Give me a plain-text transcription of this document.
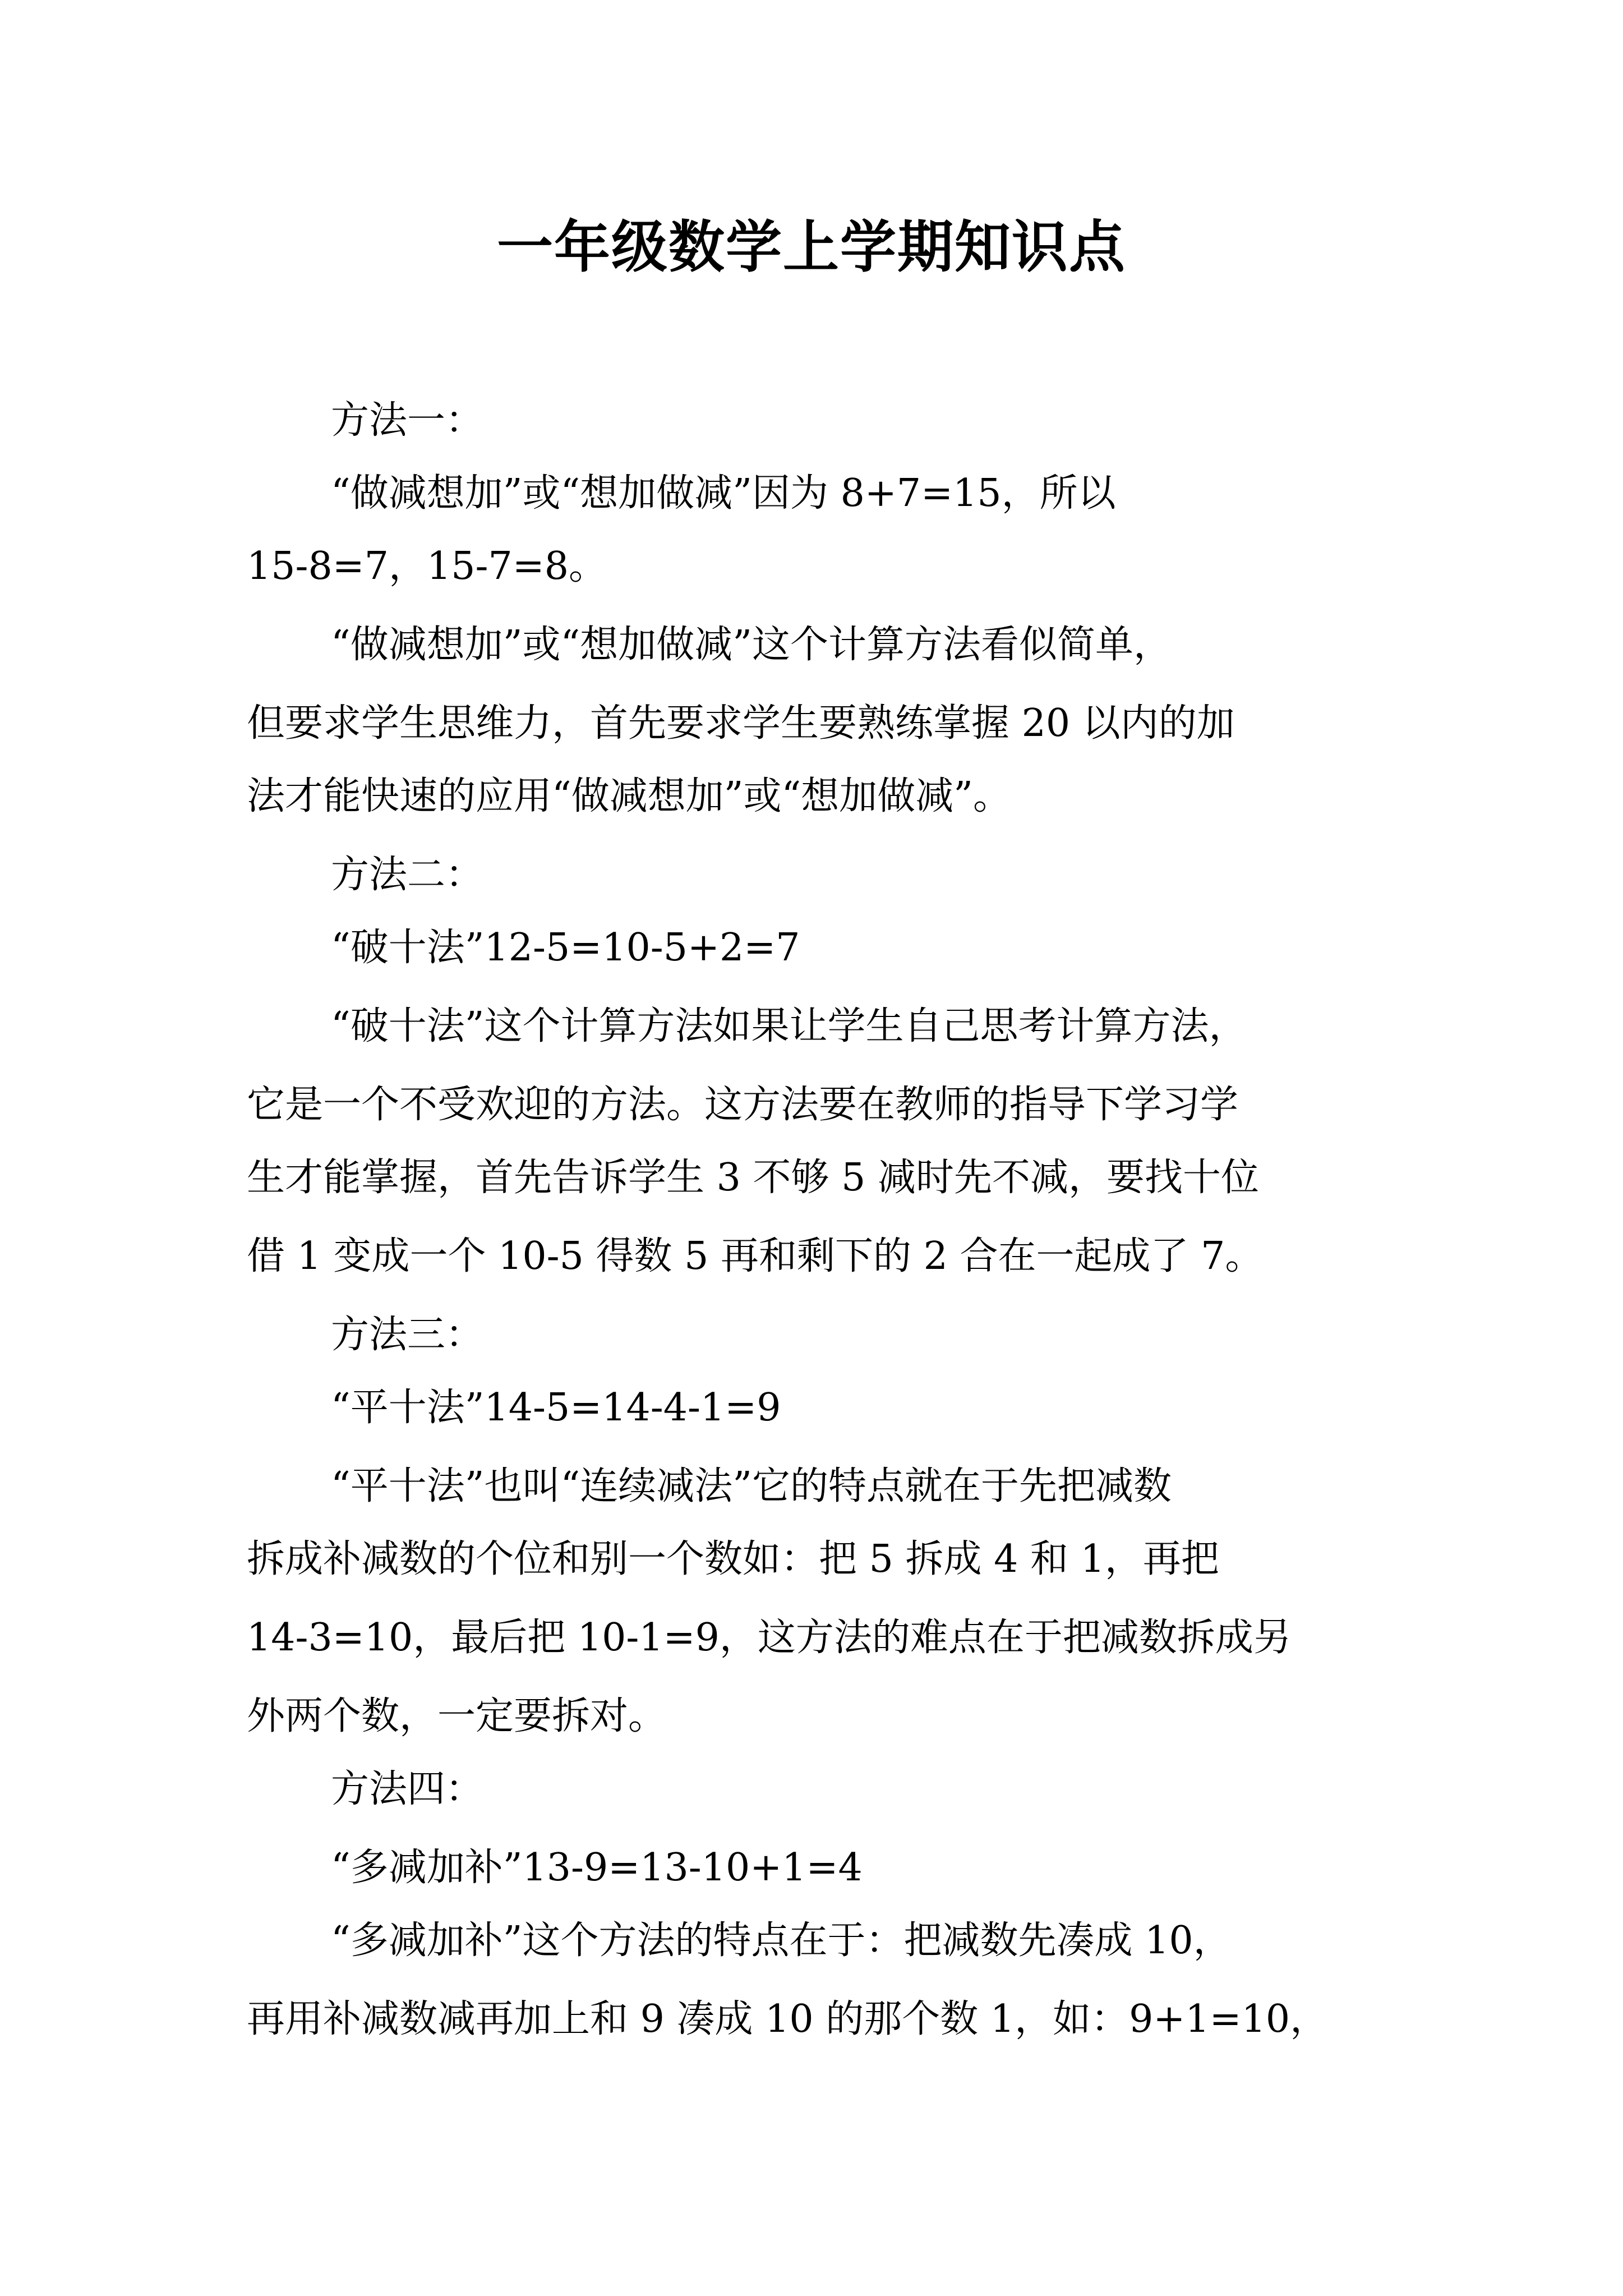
一年级数学上学期知识点
方法一：
“做减想加”或“想加做减”因为 8+7=15，所以
15-8=7，15-7=8。
“做减想加”或“想加做减”这个计算方法看似简单，
但要求学生思维力，首先要求学生要熟练掌握 20 以内的加
法才能快速的应用“做减想加”或“想加做减”。
方法二：
“破十法”12-5=10-5+2=7
“破十法”这个计算方法如果让学生自己思考计算方法，
它是一个不受欢迎的方法。这方法要在教师的指导下学习学
生才能掌握，首先告诉学生 3 不够 5 减时先不减，要找十位
借 1 变成一个 10-5 得数 5 再和剩下的 2 合在一起成了 7。
方法三：
“平十法”14-5=14-4-1=9
“平十法”也叫“连续减法”它的特点就在于先把减数
拆成补减数的个位和别一个数如：把 5 拆成 4 和 1，再把
14-3=10，最后把 10-1=9，这方法的难点在于把减数拆成另
外两个数，一定要拆对。
方法四：
“多减加补”13-9=13-10+1=4
“多减加补”这个方法的特点在于：把减数先凑成 10，
再用补减数减再加上和 9 凑成 10 的那个数 1，如：9+1=10，
